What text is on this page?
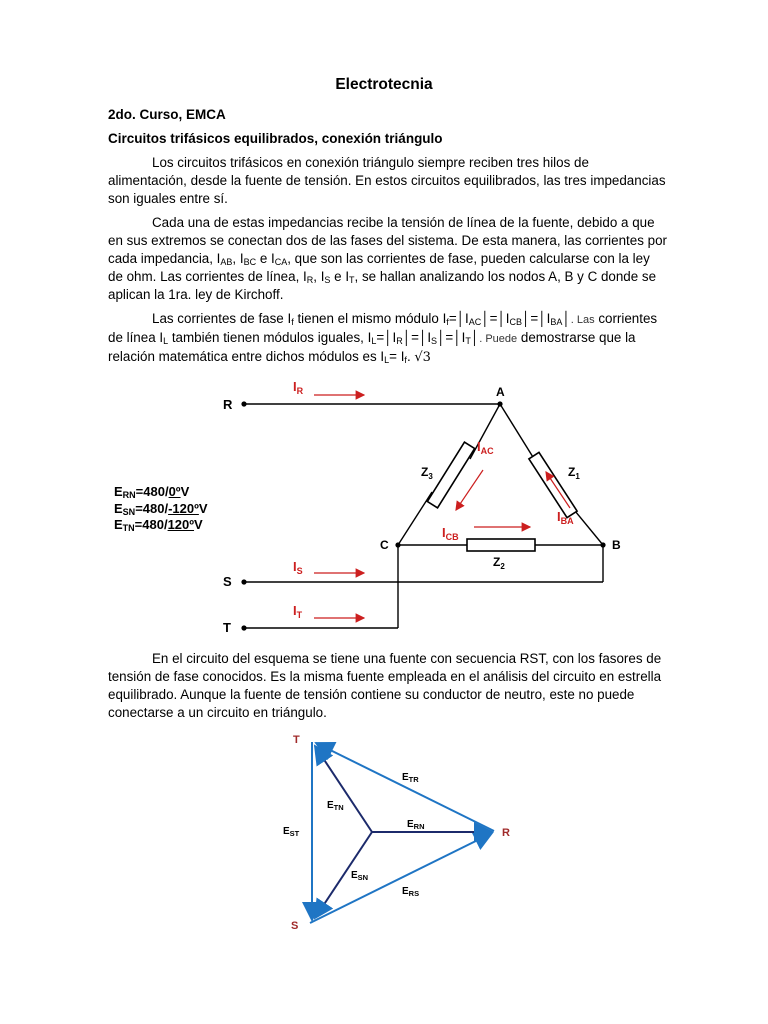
Electrotecnia
2do. Curso, EMCA
Circuitos trifásicos equilibrados, conexión triángulo

Los circuitos trifásicos en conexión triángulo siempre reciben tres hilos de alimentación, desde la fuente de tensión. En estos circuitos equilibrados, las tres impedancias son iguales entre sí.

Cada una de estas impedancias recibe la tensión de línea de la fuente, debido a que en sus extremos se conectan dos de las fases del sistema. De esta manera, las corrientes por cada impedancia, $I_{AB}$, $I_{BC}$ e $I_{CA}$, que son las corrientes de fase, pueden calcularse con la ley de ohm. Las corrientes de línea, $I_R$, $I_S$ e $I_T$, se hallan analizando los nodos A, B y C donde se aplican la 1ra. ley de Kirchoff.

Las corrientes de fase $I_f$ tienen el mismo módulo $I_f=│I_{AC}│=│I_{CB}│=│I_{BA}│$. Las corrientes de línea $I_L$ también tienen módulos iguales, $I_L=│I_R│=│I_S│=│I_T│$. Puede demostrarse que la relación matemática entre dichos módulos es $I_L= I_f$. √3

$E_{RN}=480/0ºV$
$E_{SN}=480/-120ºV$
$E_{TN}=480/120ºV$

En el circuito del esquema se tiene una fuente con secuencia RST, con los fasores de tensión de fase conocidos. Es la misma fuente empleada en el análisis del circuito en estrella equilibrado. Aunque la fuente de tensión contiene su conductor de neutro, este no puede conectarse a un circuito en triángulo.

R
S
T
A
B
C
$I_R$
$I_S$
$I_T$
$I_{AC}$
$I_{BA}$
$I_{CB}$
$Z_1$
$Z_2$
$Z_3$
T
R
S
$E_{TR}$
$E_{TN}$
$E_{RN}$
$E_{ST}$
$E_{SN}$
$E_{RS}$
